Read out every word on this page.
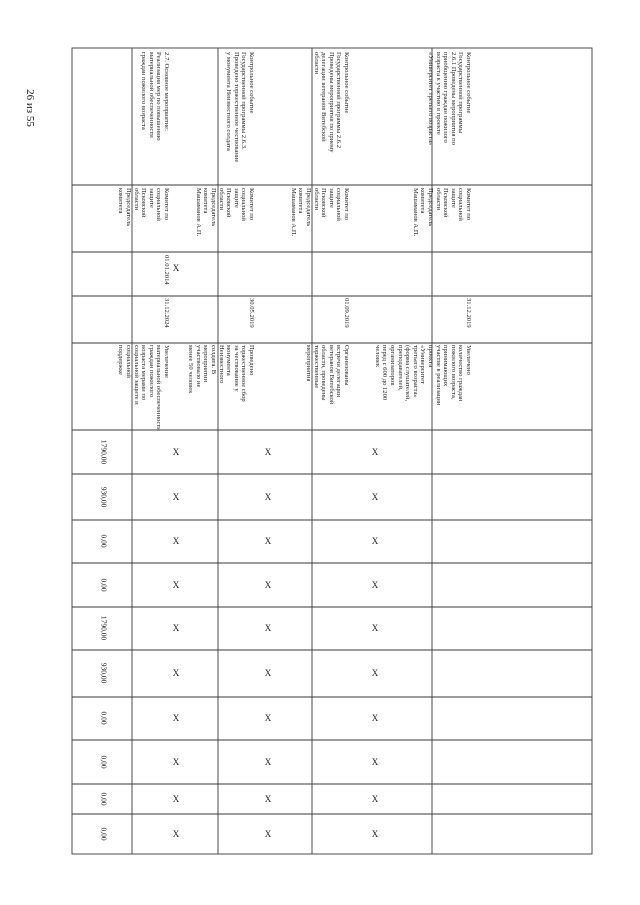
26 из 55
Контрольное событие
Государственной программы
2.6.1 Проведены мероприятия по
приобщению граждан пожилого
возраста к участию в проекте
«Университет третьего возраста»
Комитет по
социальной
защите
Псковской
области
Председатель
комитета
Машаманов А.П.
31.12.2019
Увеличено
количество граждан
пожилого возраста,
принимающих
участие в реализации
проекта
«Университет
третьего возраста»
(форма слушателей,
преподавателей,
организаторов
перед с 600 до 1200
человек
Контрольное событие
Государственной программы 2.6.2
Проведены мероприятия по приему
делегации ветеранов Витебской
области
Комитет по
социальной
защите
Псковской
области
Председатель
комитета
Машаманов А.П.
01.09.2019
Организованы
встречи делегации
ветеранов Витебской
области, проведены
торжественные
мероприятия
Контрольное событие
Государственной программы 2.6.3.
Проведено торжественное чествование
у монумента Неизвестного солдата
Комитет по
социальной
защите
Псковской
области
Председатель
комитета
Машаманов А.П.
30.05.2019
Проведено
торжественное сбор
за чествование у
монумента
Неизвестного
солдата. В
мероприятии
участвовало не
менее 50 человек
2.7. Основное мероприятие:
Реализация мер по повышению
материальной обеспеченности
граждан пожилого возраста
Комитет по
социальной
защите
Псковской
области
Председатель
комитета
01.01.2014
31.12.2024
Увеличение
материальной обеспеченности
граждан пожилого
возраста мерами по
социальной защите и
социальной
поддержке
X
X
X
X
X
X
X
X
X
X
X
X
X
X
X
X
X
X
X
X
X
X
X
X
X
X
X
X
X
X
X
1790,00
930,00
0,00
0,00
1790,00
930,00
0,00
0,00
0,00
0,00
